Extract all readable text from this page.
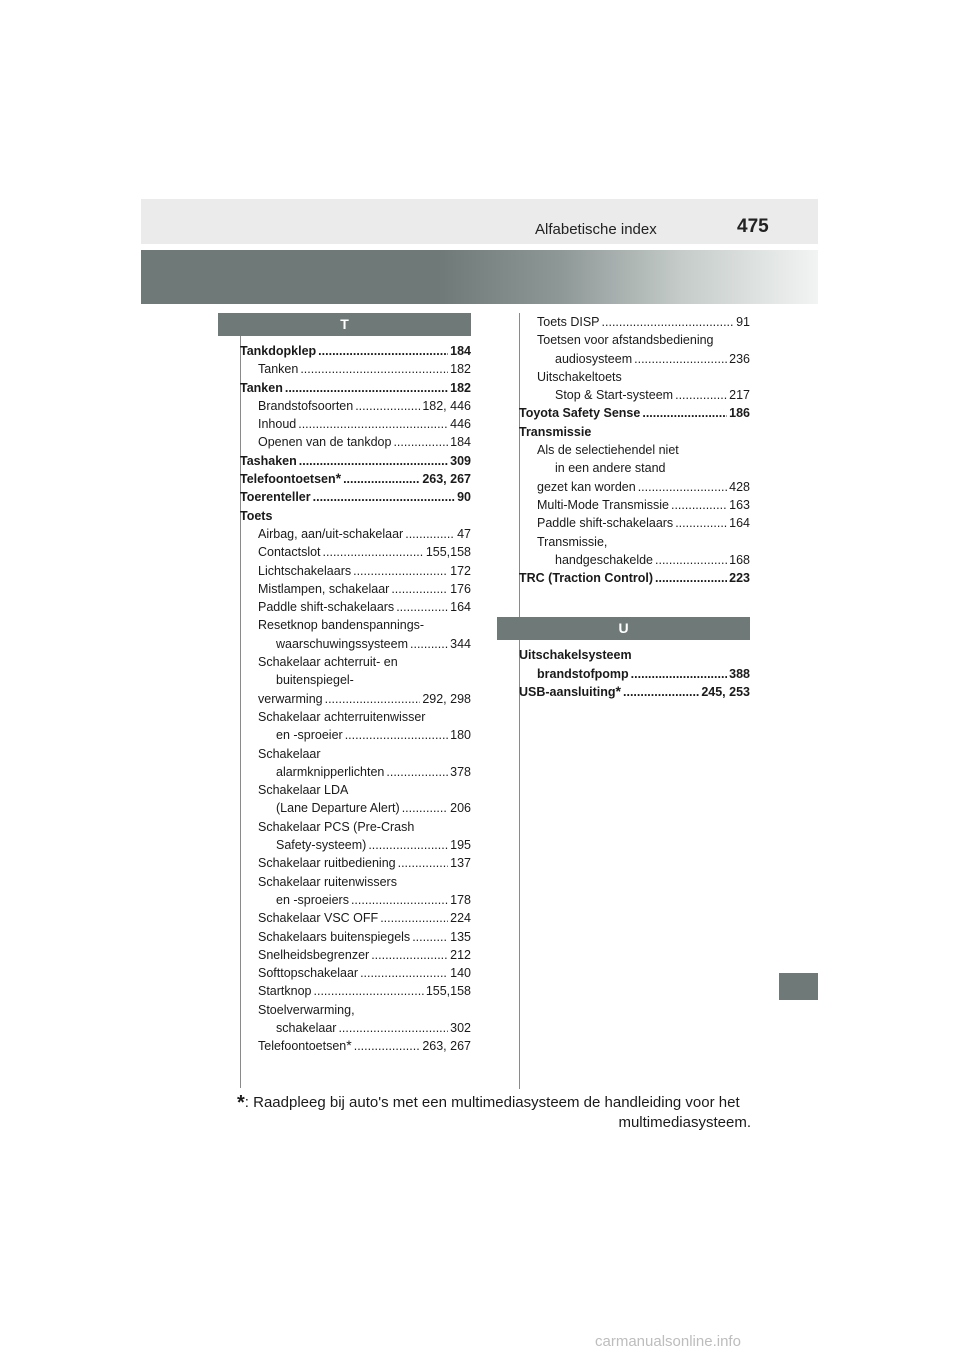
Alfabetische index	475
T
Tankdopklep .....	184
Tanken .....	182
Tanken .....	182
Brandstofsoorten .....	182, 446
Inhoud .....	446
Openen van de tankdop .....	184
Tashaken .....	309
Telefoontoetsen * .....	263, 267
Toerenteller .....	90
Toets
Airbag, aan/uit-schakelaar .....	47
Contactslot .....	155,158
Lichtschakelaars .....	172
Mistlampen, schakelaar .....	176
Paddle shift-schakelaars .....	164
Resetknop bandenspannings-
waarschuwingssysteem .....	344
Schakelaar achterruit- en
buitenspiegel-
verwarming .....	292, 298
Schakelaar achterruitenwisser
en -sproeier .....	180
Schakelaar
alarmknipperlichten .....	378
Schakelaar LDA
(Lane Departure Alert) .....	206
Schakelaar PCS (Pre-Crash
Safety-systeem) .....	195
Schakelaar ruitbediening .....	137
Schakelaar ruitenwissers
en -sproeiers .....	178
Schakelaar VSC OFF .....	224
Schakelaars buitenspiegels .....	135
Snelheidsbegrenzer .....	212
Softtopschakelaar .....	140
Startknop .....	155,158
Stoelverwarming,
schakelaar .....	302
Telefoontoetsen * .....	263, 267
Toets DISP .....	91
Toetsen voor afstandsbediening
audiosysteem .....	236
Uitschakeltoets
Stop & Start-systeem .....	217
Toyota Safety Sense .....	186
Transmissie
Als de selectiehendel niet
in een andere stand
gezet kan worden .....	428
Multi-Mode Transmissie .....	163
Paddle shift-schakelaars .....	164
Transmissie,
handgeschakelde .....	168
TRC (Traction Control) .....	223
U
Uitschakelsysteem
brandstofpomp .....	388
USB-aansluiting * .....	245, 253
*: Raadpleeg bij auto's met een multimediasysteem de handleiding voor het
multimediasysteem.
carmanualsonline.info
